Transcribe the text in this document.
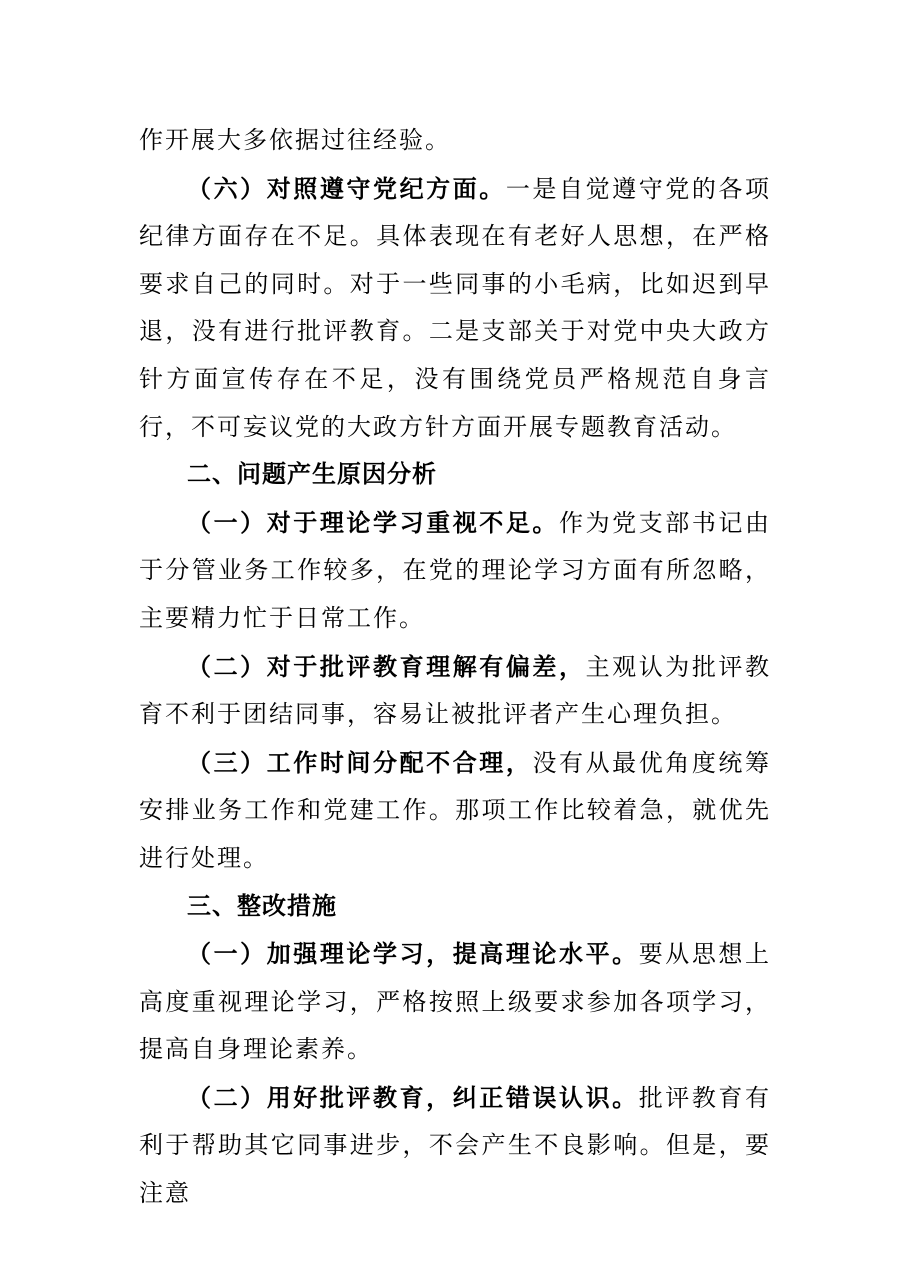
作开展大多依据过往经验。

（六）对照遵守党纪方面。一是自觉遵守党的各项纪律方面存在不足。具体表现在有老好人思想，在严格要求自己的同时。对于一些同事的小毛病，比如迟到早退，没有进行批评教育。二是支部关于对党中央大政方针方面宣传存在不足，没有围绕党员严格规范自身言行，不可妄议党的大政方针方面开展专题教育活动。

二、问题产生原因分析

（一）对于理论学习重视不足。作为党支部书记由于分管业务工作较多，在党的理论学习方面有所忽略，主要精力忙于日常工作。

（二）对于批评教育理解有偏差，主观认为批评教育不利于团结同事，容易让被批评者产生心理负担。

（三）工作时间分配不合理，没有从最优角度统筹安排业务工作和党建工作。那项工作比较着急，就优先进行处理。

三、整改措施

（一）加强理论学习，提高理论水平。要从思想上高度重视理论学习，严格按照上级要求参加各项学习，提高自身理论素养。

（二）用好批评教育，纠正错误认识。批评教育有利于帮助其它同事进步，不会产生不良影响。但是，要注意
